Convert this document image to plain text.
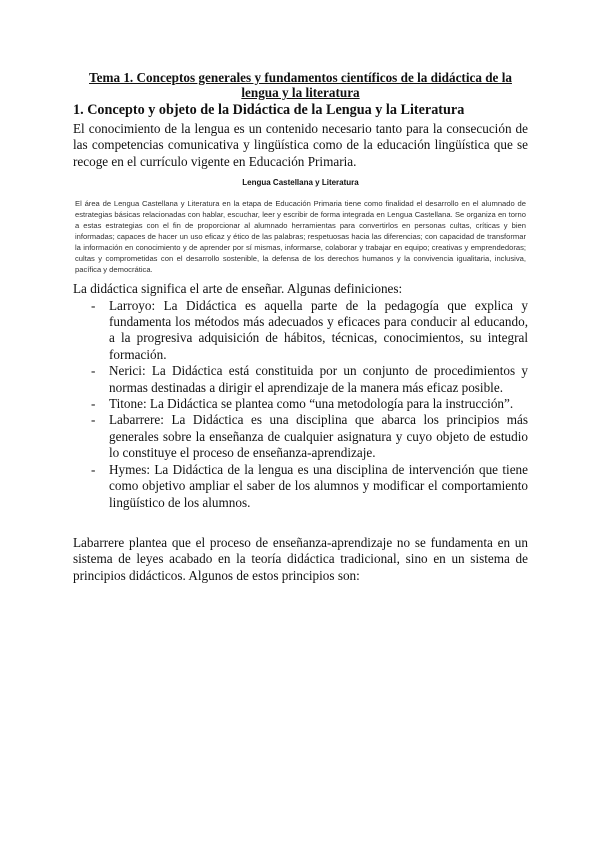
Tema 1. Conceptos generales y fundamentos científicos de la didáctica de la lengua y la literatura
1. Concepto y objeto de la Didáctica de la Lengua y la Literatura

El conocimiento de la lengua es un contenido necesario tanto para la consecución de las competencias comunicativa y lingüística como de la educación lingüística que se recoge en el currículo vigente en Educación Primaria.

Lengua Castellana y Literatura
El área de Lengua Castellana y Literatura en la etapa de Educación Primaria tiene como finalidad el desarrollo en el alumnado de estrategias básicas relacionadas con hablar, escuchar, leer y escribir de forma integrada en Lengua Castellana. Se organiza en torno a estas estrategias con el fin de proporcionar al alumnado herramientas para convertirlos en personas cultas, críticas y bien informadas; capaces de hacer un uso eficaz y ético de las palabras; respetuosas hacia las diferencias; con capacidad de transformar la información en conocimiento y de aprender por sí mismas, informarse, colaborar y trabajar en equipo; creativas y emprendedoras; cultas y comprometidas con el desarrollo sostenible, la defensa de los derechos humanos y la convivencia igualitaria, inclusiva, pacífica y democrática.

La didáctica significa el arte de enseñar. Algunas definiciones:

- Larroyo: La Didáctica es aquella parte de la pedagogía que explica y fundamenta los métodos más adecuados y eficaces para conducir al educando, a la progresiva adquisición de hábitos, técnicas, conocimientos, su integral formación.
- Nerici: La Didáctica está constituida por un conjunto de procedimientos y normas destinadas a dirigir el aprendizaje de la manera más eficaz posible.
- Titone: La Didáctica se plantea como “una metodología para la instrucción”.
- Labarrere: La Didáctica es una disciplina que abarca los principios más generales sobre la enseñanza de cualquier asignatura y cuyo objeto de estudio lo constituye el proceso de enseñanza-aprendizaje.
- Hymes: La Didáctica de la lengua es una disciplina de intervención que tiene como objetivo ampliar el saber de los alumnos y modificar el comportamiento lingüístico de los alumnos.

Labarrere plantea que el proceso de enseñanza-aprendizaje no se fundamenta en un sistema de leyes acabado en la teoría didáctica tradicional, sino en un sistema de principios didácticos. Algunos de estos principios son:
